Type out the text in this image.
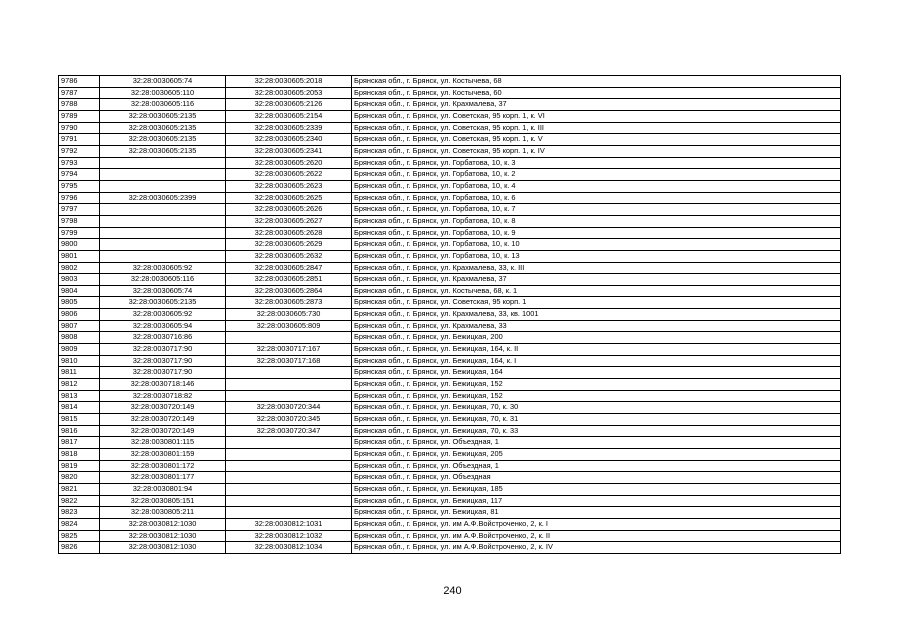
9786	32:28:0030605:74	32:28:0030605:2018	Брянская обл., г. Брянск, ул. Костычева, 68
9787	32:28:0030605:110	32:28:0030605:2053	Брянская обл., г. Брянск, ул. Костычева, 60
9788	32:28:0030605:116	32:28:0030605:2126	Брянская обл., г. Брянск, ул. Крахмалева, 37
9789	32:28:0030605:2135	32:28:0030605:2154	Брянская обл., г. Брянск, ул. Советская, 95 корп. 1, к. VI
9790	32:28:0030605:2135	32:28:0030605:2339	Брянская обл., г. Брянск, ул. Советская, 95 корп. 1, к. III
9791	32:28:0030605:2135	32:28:0030605:2340	Брянская обл., г. Брянск, ул. Советская, 95 корп. 1, к. V
9792	32:28:0030605:2135	32:28:0030605:2341	Брянская обл., г. Брянск, ул. Советская, 95 корп. 1, к. IV
9793		32:28:0030605:2620	Брянская обл., г. Брянск, ул. Горбатова, 10, к. 3
9794		32:28:0030605:2622	Брянская обл., г. Брянск, ул. Горбатова, 10, к. 2
9795		32:28:0030605:2623	Брянская обл., г. Брянск, ул. Горбатова, 10, к. 4
9796	32:28:0030605:2399	32:28:0030605:2625	Брянская обл., г. Брянск, ул. Горбатова, 10, к. 6
9797		32:28:0030605:2626	Брянская обл., г. Брянск, ул. Горбатова, 10, к. 7
9798		32:28:0030605:2627	Брянская обл., г. Брянск, ул. Горбатова, 10, к. 8
9799		32:28:0030605:2628	Брянская обл., г. Брянск, ул. Горбатова, 10, к. 9
9800		32:28:0030605:2629	Брянская обл., г. Брянск, ул. Горбатова, 10, к. 10
9801		32:28:0030605:2632	Брянская обл., г. Брянск, ул. Горбатова, 10, к. 13
9802	32:28:0030605:92	32:28:0030605:2847	Брянская обл., г. Брянск, ул. Крахмалева, 33, к. III
9803	32:28:0030605:116	32:28:0030605:2851	Брянская обл., г. Брянск, ул. Крахмалева, 37
9804	32:28:0030605:74	32:28:0030605:2864	Брянская обл., г. Брянск, ул. Костычева, 68, к. 1
9805	32:28:0030605:2135	32:28:0030605:2873	Брянская обл., г. Брянск, ул. Советская, 95 корп. 1
9806	32:28:0030605:92	32:28:0030605:730	Брянская обл., г. Брянск, ул. Крахмалева, 33, кв. 1001
9807	32:28:0030605:94	32:28:0030605:809	Брянская обл., г. Брянск, ул. Крахмалева, 33
9808	32:28:0030716:86		Брянская обл., г. Брянск, ул. Бежицкая, 200
9809	32:28:0030717:90	32:28:0030717:167	Брянская обл., г. Брянск, ул. Бежицкая, 164, к. II
9810	32:28:0030717:90	32:28:0030717:168	Брянская обл., г. Брянск, ул. Бежицкая, 164, к. I
9811	32:28:0030717:90		Брянская обл., г. Брянск, ул. Бежицкая, 164
9812	32:28:0030718:146		Брянская обл., г. Брянск, ул. Бежицкая, 152
9813	32:28:0030718:82		Брянская обл., г. Брянск, ул. Бежицкая, 152
9814	32:28:0030720:149	32:28:0030720:344	Брянская обл., г. Брянск, ул. Бежицкая, 70, к. 30
9815	32:28:0030720:149	32:28:0030720:345	Брянская обл., г. Брянск, ул. Бежицкая, 70, к. 31
9816	32:28:0030720:149	32:28:0030720:347	Брянская обл., г. Брянск, ул. Бежицкая, 70, к. 33
9817	32:28:0030801:115		Брянская обл., г. Брянск, ул. Объездная, 1
9818	32:28:0030801:159		Брянская обл., г. Брянск, ул. Бежицкая, 205
9819	32:28:0030801:172		Брянская обл., г. Брянск, ул. Объездная, 1
9820	32:28:0030801:177		Брянская обл., г. Брянск, ул. Объездная
9821	32:28:0030801:94		Брянская обл., г. Брянск, ул. Бежицкая, 185
9822	32:28:0030805:151		Брянская обл., г. Брянск, ул. Бежицкая, 117
9823	32:28:0030805:211		Брянская обл., г. Брянск, ул. Бежицкая, 81
9824	32:28:0030812:1030	32:28:0030812:1031	Брянская обл., г. Брянск, ул. им А.Ф.Войстроченко, 2, к. I
9825	32:28:0030812:1030	32:28:0030812:1032	Брянская обл., г. Брянск, ул. им А.Ф.Войстроченко, 2, к. II
9826	32:28:0030812:1030	32:28:0030812:1034	Брянская обл., г. Брянск, ул. им А.Ф.Войстроченко, 2, к. IV
240
